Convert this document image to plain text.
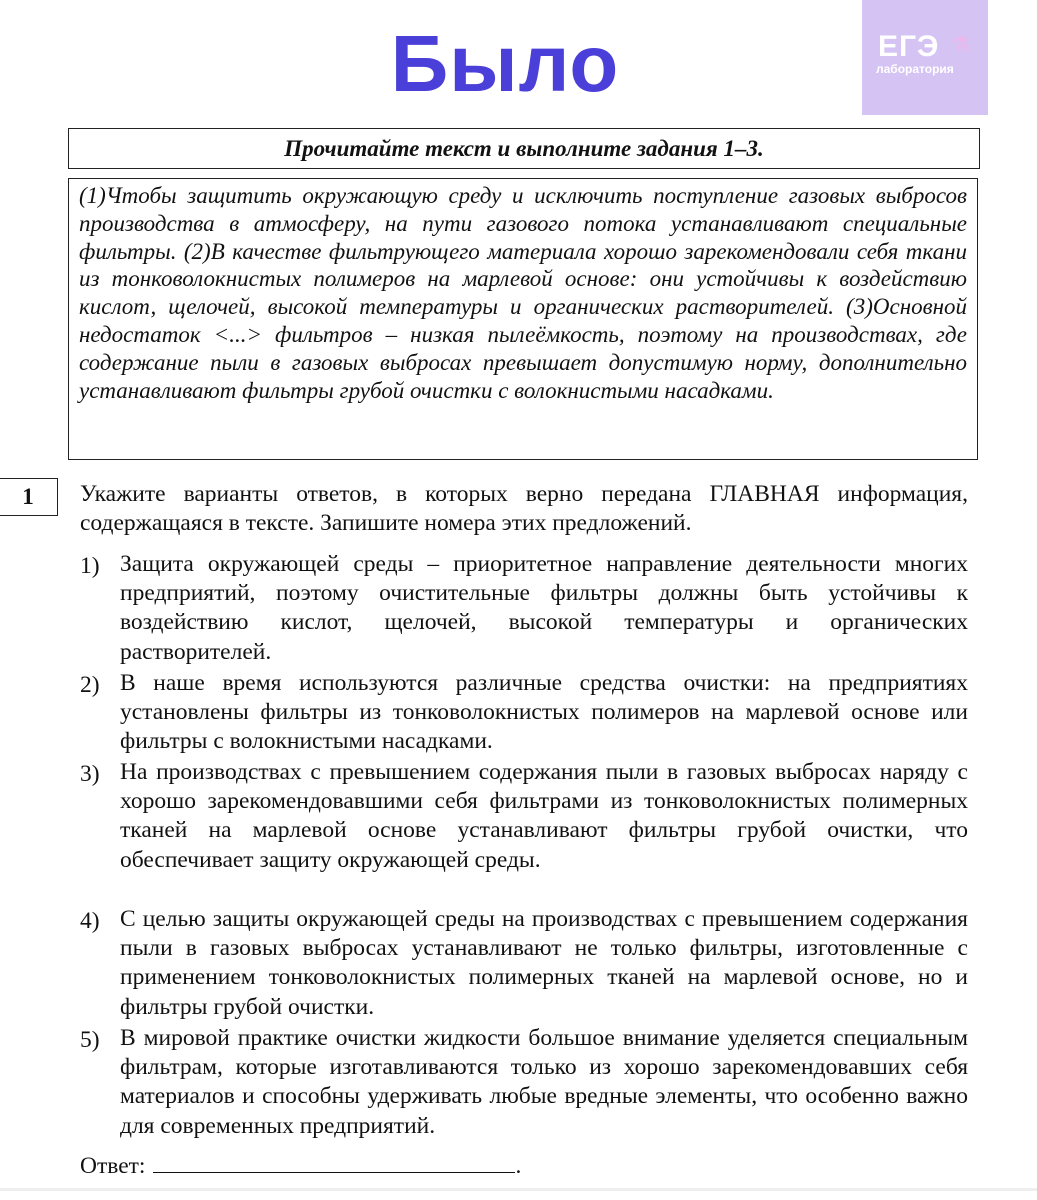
Было	ЕГЭ ⚗
лаборатория
Прочитайте текст и выполните задания 1–3.
(1)Чтобы защитить окружающую среду и исключить поступление газовых выбросов производства в атмосферу, на пути газового потока устанавливают специальные фильтры. (2)В качестве фильтрующего материала хорошо зарекомендовали себя ткани из тонковолокнистых полимеров на марлевой основе: они устойчивы к воздействию кислот, щелочей, высокой температуры и органических растворителей. (3)Основной недостаток <...> фильтров – низкая пылеёмкость, поэтому на производствах, где содержание пыли в газовых выбросах превышает допустимую норму, дополнительно устанавливают фильтры грубой очистки с волокнистыми насадками.
1	Укажите варианты ответов, в которых верно передана ГЛАВНАЯ информация, содержащаяся в тексте. Запишите номера этих предложений.
1) Защита окружающей среды – приоритетное направление деятельности многих предприятий, поэтому очистительные фильтры должны быть устойчивы к воздействию кислот, щелочей, высокой температуры и органических растворителей.
2) В наше время используются различные средства очистки: на предприятиях установлены фильтры из тонковолокнистых полимеров на марлевой основе или фильтры с волокнистыми насадками.
3) На производствах с превышением содержания пыли в газовых выбросах наряду с хорошо зарекомендовавшими себя фильтрами из тонковолокнистых полимерных тканей на марлевой основе устанавливают фильтры грубой очистки, что обеспечивает защиту окружающей среды.
4) С целью защиты окружающей среды на производствах с превышением содержания пыли в газовых выбросах устанавливают не только фильтры, изготовленные с применением тонковолокнистых полимерных тканей на марлевой основе, но и фильтры грубой очистки.
5) В мировой практике очистки жидкости большое внимание уделяется специальным фильтрам, которые изготавливаются только из хорошо зарекомендовавших себя материалов и способны удерживать любые вредные элементы, что особенно важно для современных предприятий.
Ответ:	.
